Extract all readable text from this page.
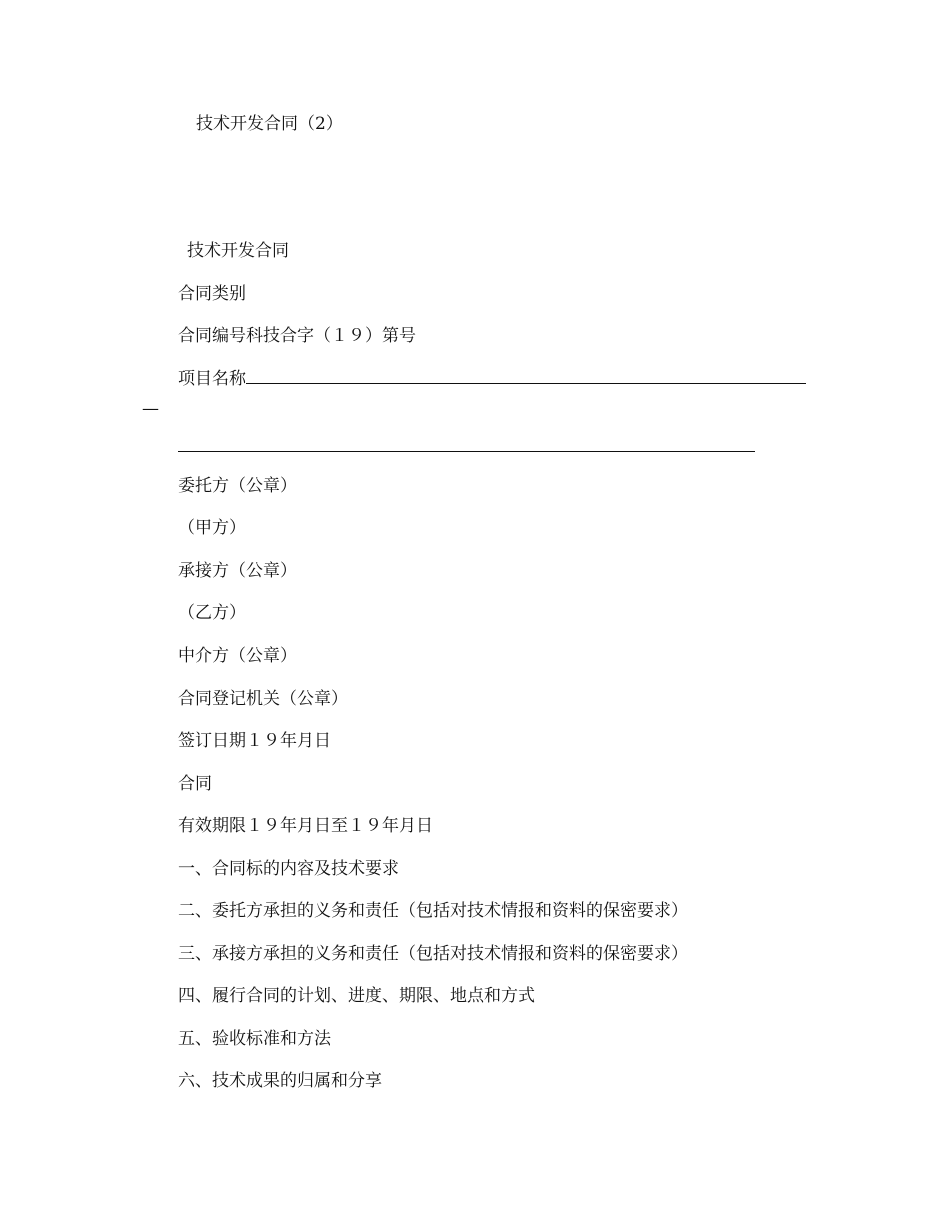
技术开发合同（2）
技术开发合同
合同类别
合同编号科技合字（１９）第号
项目名称
—
委托方（公章）
（甲方）
承接方（公章）
（乙方）
中介方（公章）
合同登记机关（公章）
签订日期１９年月日
合同
有效期限１９年月日至１９年月日
一、合同标的内容及技术要求
二、委托方承担的义务和责任（包括对技术情报和资料的保密要求）
三、承接方承担的义务和责任（包括对技术情报和资料的保密要求）
四、履行合同的计划、进度、期限、地点和方式
五、验收标准和方法
六、技术成果的归属和分享
